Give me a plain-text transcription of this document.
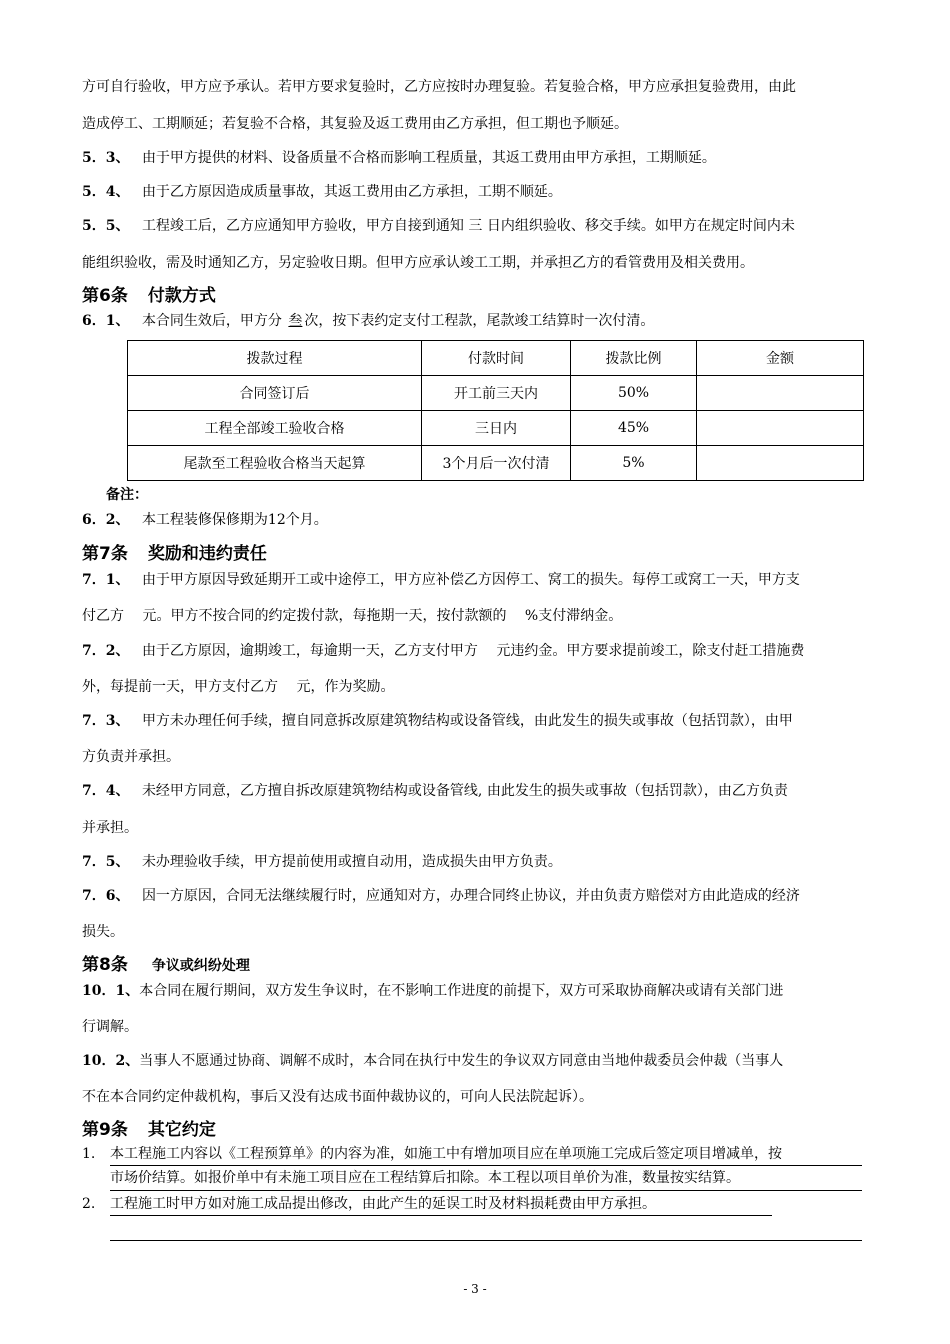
方可自行验收，甲方应予承认。若甲方要求复验时，乙方应按时办理复验。若复验合格，甲方应承担复验费用，由此
造成停工、工期顺延；若复验不合格，其复验及返工费用由乙方承担，但工期也予顺延。
5．3、 由于甲方提供的材料、设备质量不合格而影响工程质量，其返工费用由甲方承担，工期顺延。
5．4、 由于乙方原因造成质量事故，其返工费用由乙方承担，工期不顺延。
5．5、 工程竣工后，乙方应通知甲方验收，甲方自接到通知 三 日内组织验收、移交手续。如甲方在规定时间内未
能组织验收，需及时通知乙方，另定验收日期。但甲方应承认竣工工期，并承担乙方的看管费用及相关费用。
第6条 付款方式
6．1、 本合同生效后，甲方分 叁 次，按下表约定支付工程款，尾款竣工结算时一次付清。
拨款过程	付款时间	拨款比例	金额
合同签订后	开工前三天内	50%	
工程全部竣工验收合格	三日内	45%	
尾款至工程验收合格当天起算	3个月后一次付清	5%	
备注：
6．2、 本工程装修保修期为12个月。
第7条 奖励和违约责任
7．1、 由于甲方原因导致延期开工或中途停工，甲方应补偿乙方因停工、窝工的损失。每停工或窝工一天，甲方支
付乙方　 元。甲方不按合同的约定拨付款，每拖期一天，按付款额的　 %支付滞纳金。
7．2、 由于乙方原因，逾期竣工，每逾期一天，乙方支付甲方　 元违约金。甲方要求提前竣工，除支付赶工措施费
外，每提前一天，甲方支付乙方　 元，作为奖励。
7．3、 甲方未办理任何手续，擅自同意拆改原建筑物结构或设备管线，由此发生的损失或事故（包括罚款），由甲
方负责并承担。
7．4、 未经甲方同意，乙方擅自拆改原建筑物结构或设备管线, 由此发生的损失或事故（包括罚款），由乙方负责
并承担。
7．5、 未办理验收手续，甲方提前使用或擅自动用，造成损失由甲方负责。
7．6、 因一方原因，合同无法继续履行时，应通知对方，办理合同终止协议，并由负责方赔偿对方由此造成的经济
损失。
第8条 争议或纠纷处理
10．1、本合同在履行期间，双方发生争议时，在不影响工作进度的前提下，双方可采取协商解决或请有关部门进
行调解。
10．2、当事人不愿通过协商、调解不成时，本合同在执行中发生的争议双方同意由当地仲裁委员会仲裁（当事人
不在本合同约定仲裁机构，事后又没有达成书面仲裁协议的，可向人民法院起诉）。
第9条 其它约定
1. 本工程施工内容以《工程预算单》的内容为准，如施工中有增加项目应在单项施工完成后签定项目增减单，按
市场价结算。如报价单中有未施工项目应在工程结算后扣除。本工程以项目单价为准，数量按实结算。
2. 工程施工时甲方如对施工成品提出修改，由此产生的延误工时及材料损耗费由甲方承担。
- 3 -
